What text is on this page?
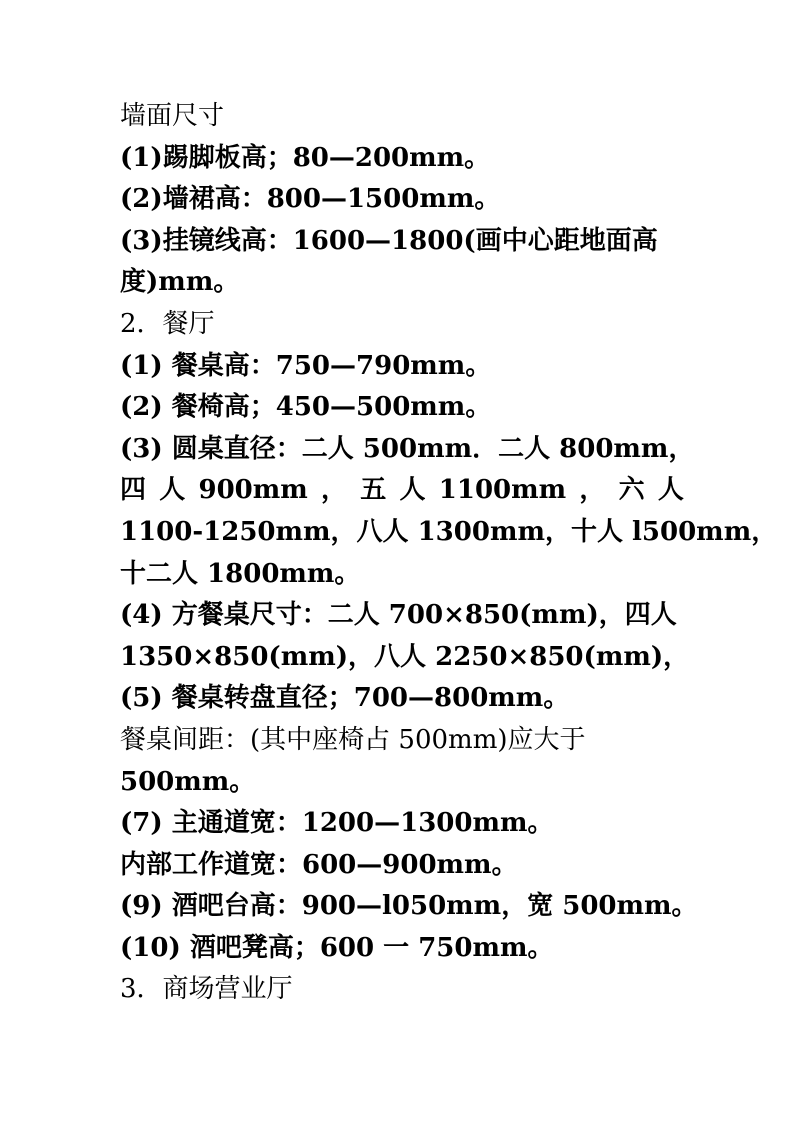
墙面尺寸
(1)踢脚板高；80—200mm。
(2)墙裙高：800—1500mm。
(3)挂镜线高：1600—1800(画中心距地面高
度)mm。
2．餐厅
(1) 餐桌高：750—790mm。
(2) 餐椅高；450—500mm。
(3) 圆桌直径：二人 500mm．二人 800mm，
四 人 900mm ， 五 人 1100mm ， 六 人
1100-1250mm，八人 1300mm，十人 l500mm，
十二人 1800mm。
(4) 方餐桌尺寸：二人 700×850(mm)，四人
1350×850(mm)，八人 2250×850(mm)，
(5) 餐桌转盘直径；700—800mm。
餐桌间距：(其中座椅占 500mm)应大于
500mm。
(7) 主通道宽：1200—1300mm。
内部工作道宽：600—900mm。
(9) 酒吧台高：900—l050mm，宽 500mm。
(10) 酒吧凳高；600 一 750mm。
3．商场营业厅
